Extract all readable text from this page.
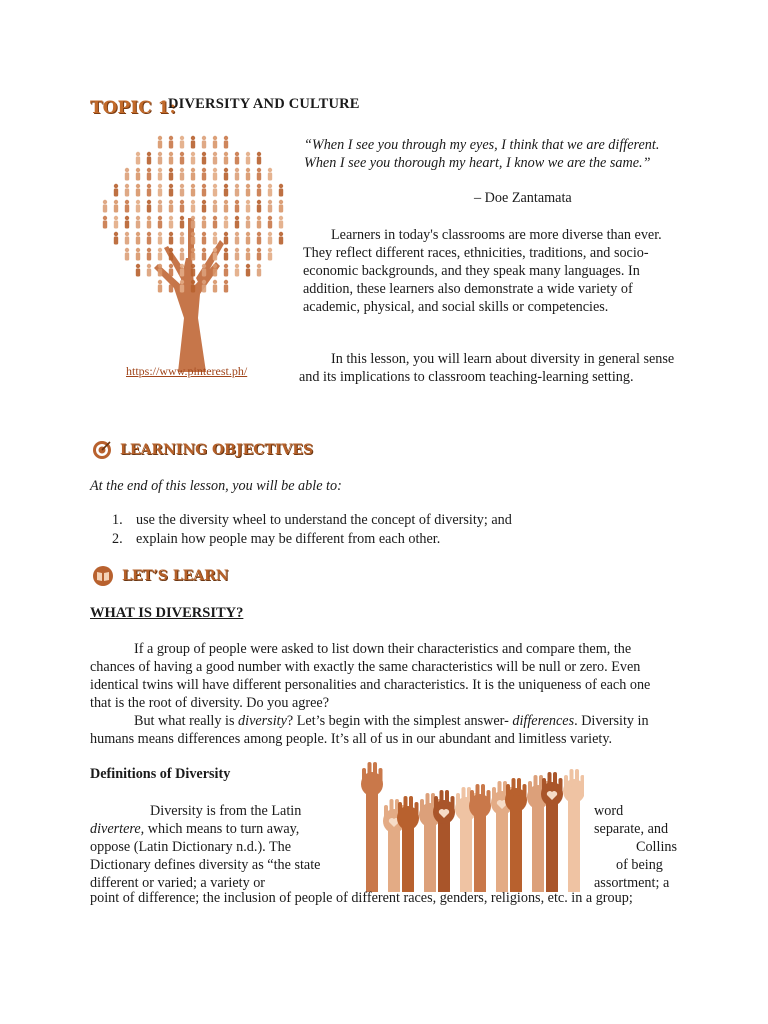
TOPIC 1:
DIVERSITY AND CULTURE
https://www.pinterest.ph/
“When I see you through my eyes, I think that we are different. When I see you thorough my heart, I know we are the same.”
– Doe Zantamata
Learners in today's classrooms are more diverse than ever. They reflect different races, ethnicities, traditions, and socio-economic backgrounds, and they speak many languages. In addition, these learners also demonstrate a wide variety of academic, physical, and social skills or competencies.
In this lesson, you will learn about diversity in general sense and its implications to classroom teaching-learning setting.
LEARNING OBJECTIVES
At the end of this lesson, you will be able to:
1. use the diversity wheel to understand the concept of diversity; and
2. explain how people may be different from each other.
LET’S LEARN
WHAT IS DIVERSITY?
If a group of people were asked to list down their characteristics and compare them, the chances of having a good number with exactly the same characteristics will be null or zero. Even identical twins will have different personalities and characteristics. It is the uniqueness of each one that is the root of diversity. Do you agree?
But what really is diversity? Let’s begin with the simplest answer- differences. Diversity in humans means differences among people. It’s all of us in our abundant and limitless variety.
Definitions of Diversity
Diversity is from the Latin
divertere, which means to turn away,
oppose (Latin Dictionary n.d.). The
Dictionary defines diversity as “the state
different or varied; a variety or
word
separate, and
Collins
of being
assortment; a
point of difference; the inclusion of people of different races, genders, religions, etc. in a group;
